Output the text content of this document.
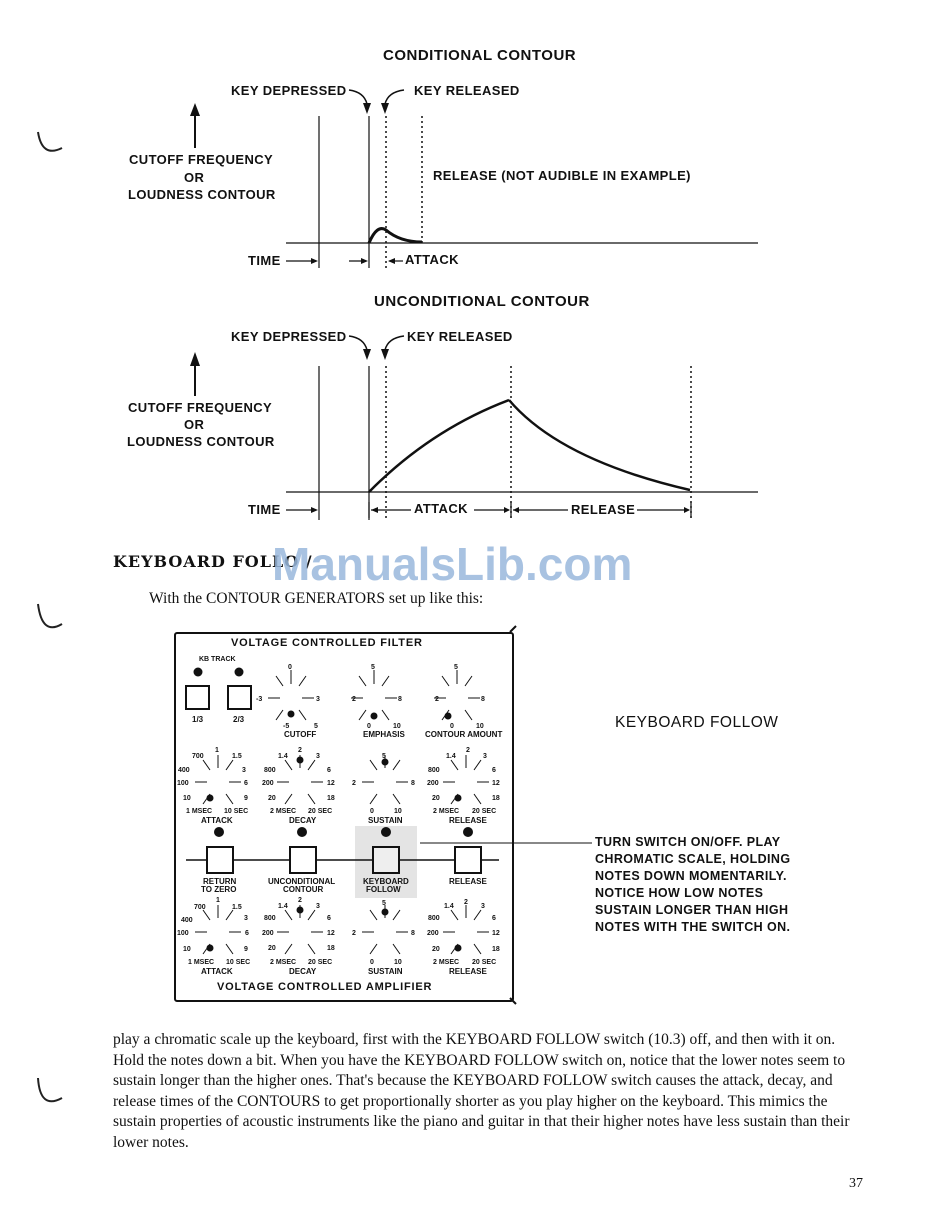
CONDITIONAL CONTOUR
KEY DEPRESSED	KEY RELEASED
CUTOFF FREQUENCY
OR
LOUDNESS CONTOUR
RELEASE (NOT AUDIBLE IN EXAMPLE)
TIME	ATTACK
UNCONDITIONAL CONTOUR
KEY DEPRESSED	KEY RELEASED
CUTOFF FREQUENCY
OR
LOUDNESS CONTOUR
TIME	ATTACK	RELEASE
KEYBOARD FOLLO /
ManualsLib.com
With the CONTOUR GENERATORS set up like this:
VOLTAGE CONTROLLED FILTER
VOLTAGE CONTROLLED AMPLIFIER
KB TRACK
1/3	2/3
CUTOFF	EMPHASIS	CONTOUR AMOUNT
ATTACK	DECAY	SUSTAIN	RELEASE
RETURN
TO ZERO
UNCONDITIONAL
CONTOUR
KEYBOARD
FOLLOW
RELEASE
ATTACK	DECAY	SUSTAIN	RELEASE
0
-3	3
-5	5
5
2	8
0	10
5
2	8
0	10
700
1
1.5
400	3
100	6
10	9
1 MSEC 10 SEC
1.4
2
3
800	6
200	12
20	18
2 MSEC 20 SEC
5
2	8
0	10
1.4
2
3
800	6
200	12
20	18
2 MSEC 20 SEC
700
1
1.5
400	3
100	6
10	9
1 MSEC 10 SEC
1.4
2
3
800	6
200	12
20	18
2 MSEC 20 SEC
5
2	8
0	10
1.4
2
3
800	6
200	12
20	18
2 MSEC 20 SEC
KEYBOARD FOLLOW
TURN SWITCH ON/OFF. PLAY
CHROMATIC SCALE, HOLDING
NOTES DOWN MOMENTARILY.
NOTICE HOW LOW NOTES
SUSTAIN LONGER THAN HIGH
NOTES WITH THE SWITCH ON.
play a chromatic scale up the keyboard, first with the KEYBOARD FOLLOW switch (10.3) off, and then with it on. Hold the notes down a bit. When you have the KEYBOARD FOLLOW switch on, notice that the lower notes seem to sustain longer than the higher ones. That's because the KEYBOARD FOLLOW switch causes the attack, decay, and release times of the CONTOURS to get proportionally shorter as you play higher on the keyboard. This mimics the sustain properties of acoustic instruments like the piano and guitar in that their higher notes have less sustain than their lower notes.
37
